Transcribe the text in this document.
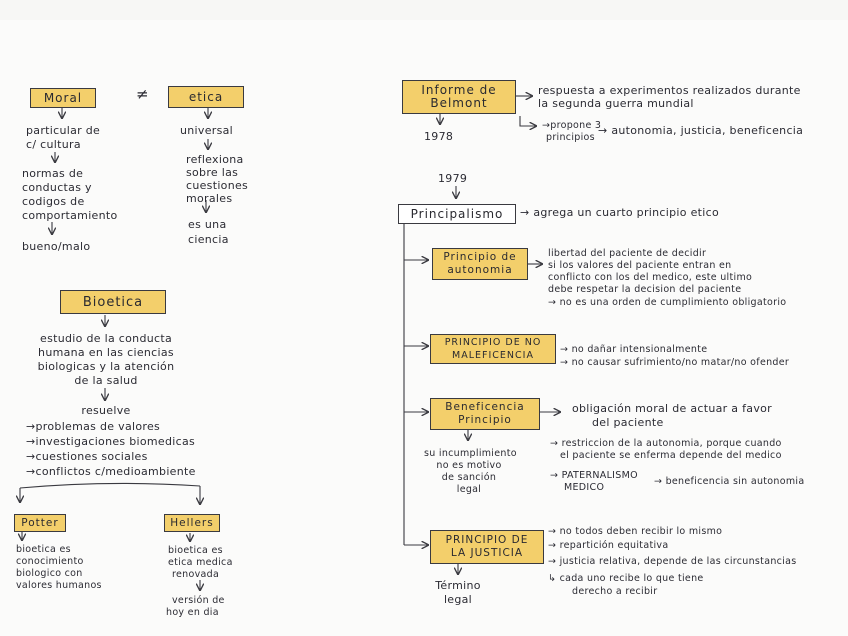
Moral	≠	etica
particular de
c/ cultura
normas de
conductas y
codigos de
comportamiento
bueno/malo
universal
reflexiona
sobre las
cuestiones
morales
es una
ciencia
Bioetica
estudio de la conducta
humana en las ciencias
biologicas y la atención
de la salud
resuelve
→problemas de valores
→investigaciones biomedicas
→cuestiones sociales
→conflictos c/medioambiente
Potter
bioetica es
conocimiento
biologico con
valores humanos
Hellers
bioetica es
etica medica
renovada
versión de
hoy en dia
Informe de
Belmont
respuesta a experimentos realizados durante
la segunda guerra mundial
1978
→propone 3
principios
→ autonomia, justicia, beneficencia
1979
Principalismo	→ agrega un cuarto principio etico
Principio de
autonomia
libertad del paciente de decidir
si los valores del paciente entran en
conflicto con los del medico, este ultimo
debe respetar la decision del paciente
→ no es una orden de cumplimiento obligatorio
PRINCIPIO DE NO
MALEFICENCIA
→ no dañar intensionalmente
→ no causar sufrimiento/no matar/no ofender
Beneficencia
Principio
obligación moral de actuar a favor
del paciente
su incumplimiento
no es motivo
de sanción
legal
→ restriccion de la autonomia, porque cuando
el paciente se enferma depende del medico
→ PATERNALISMO
MEDICO
→ beneficencia sin autonomia
PRINCIPIO DE
LA JUSTICIA
→ no todos deben recibir lo mismo
→ repartición equitativa
→ justicia relativa, depende de las circunstancias
↳ cada uno recibe lo que tiene
derecho a recibir
Término
legal
